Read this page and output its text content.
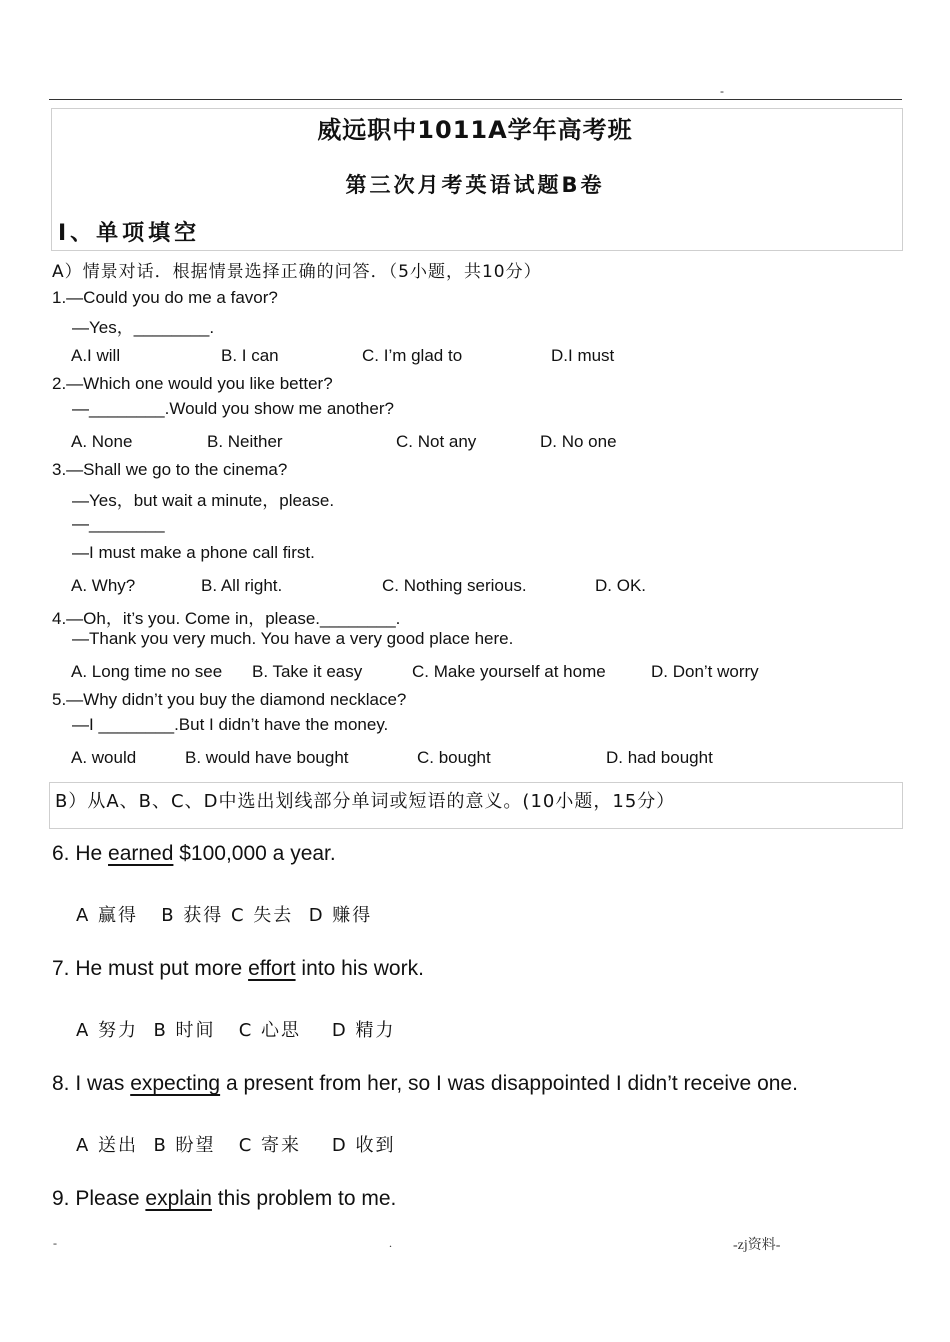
-
威远职中1011A学年高考班
第三次月考英语试题B卷
Ⅰ、单项填空
A）情景对话．根据情景选择正确的问答．（5小题，共10分）
1.—Could you do me a favor?
—Yes，________.
A.I will	B. I can	C. I’m glad to	D.I must
2.—Which one would you like better?
—________.Would you show me another?
A. None	B. Neither	C. Not any	D. No one
3.—Shall we go to the cinema?
—Yes，but wait a minute，please.
—________
—I must make a phone call first.
A. Why?	B. All right.	C. Nothing serious.	D. OK.
4.—Oh，it’s you. Come in，please.________.
—Thank you very much. You have a very good place here.
A. Long time no see B. Take it easy	C. Make yourself at home	D. Don’t worry
5.—Why didn’t you buy the diamond necklace?
—I ________.But I didn’t have the money.
A. would	B. would have bought	C. bought	D. had bought
B）从A、B、C、D中选出划线部分单词或短语的意义。(10小题，15分）
6. He earned $100,000 a year.
A 赢得   B 获得 C 失去  D 赚得
7. He must put more effort into his work.
A 努力  B 时间   C 心思    D 精力
8. I was expecting a present from her, so I was disappointed I didn’t receive one.
A 送出  B 盼望   C 寄来    D 收到
9. Please explain this problem to me.
-	.	-zj资料-
